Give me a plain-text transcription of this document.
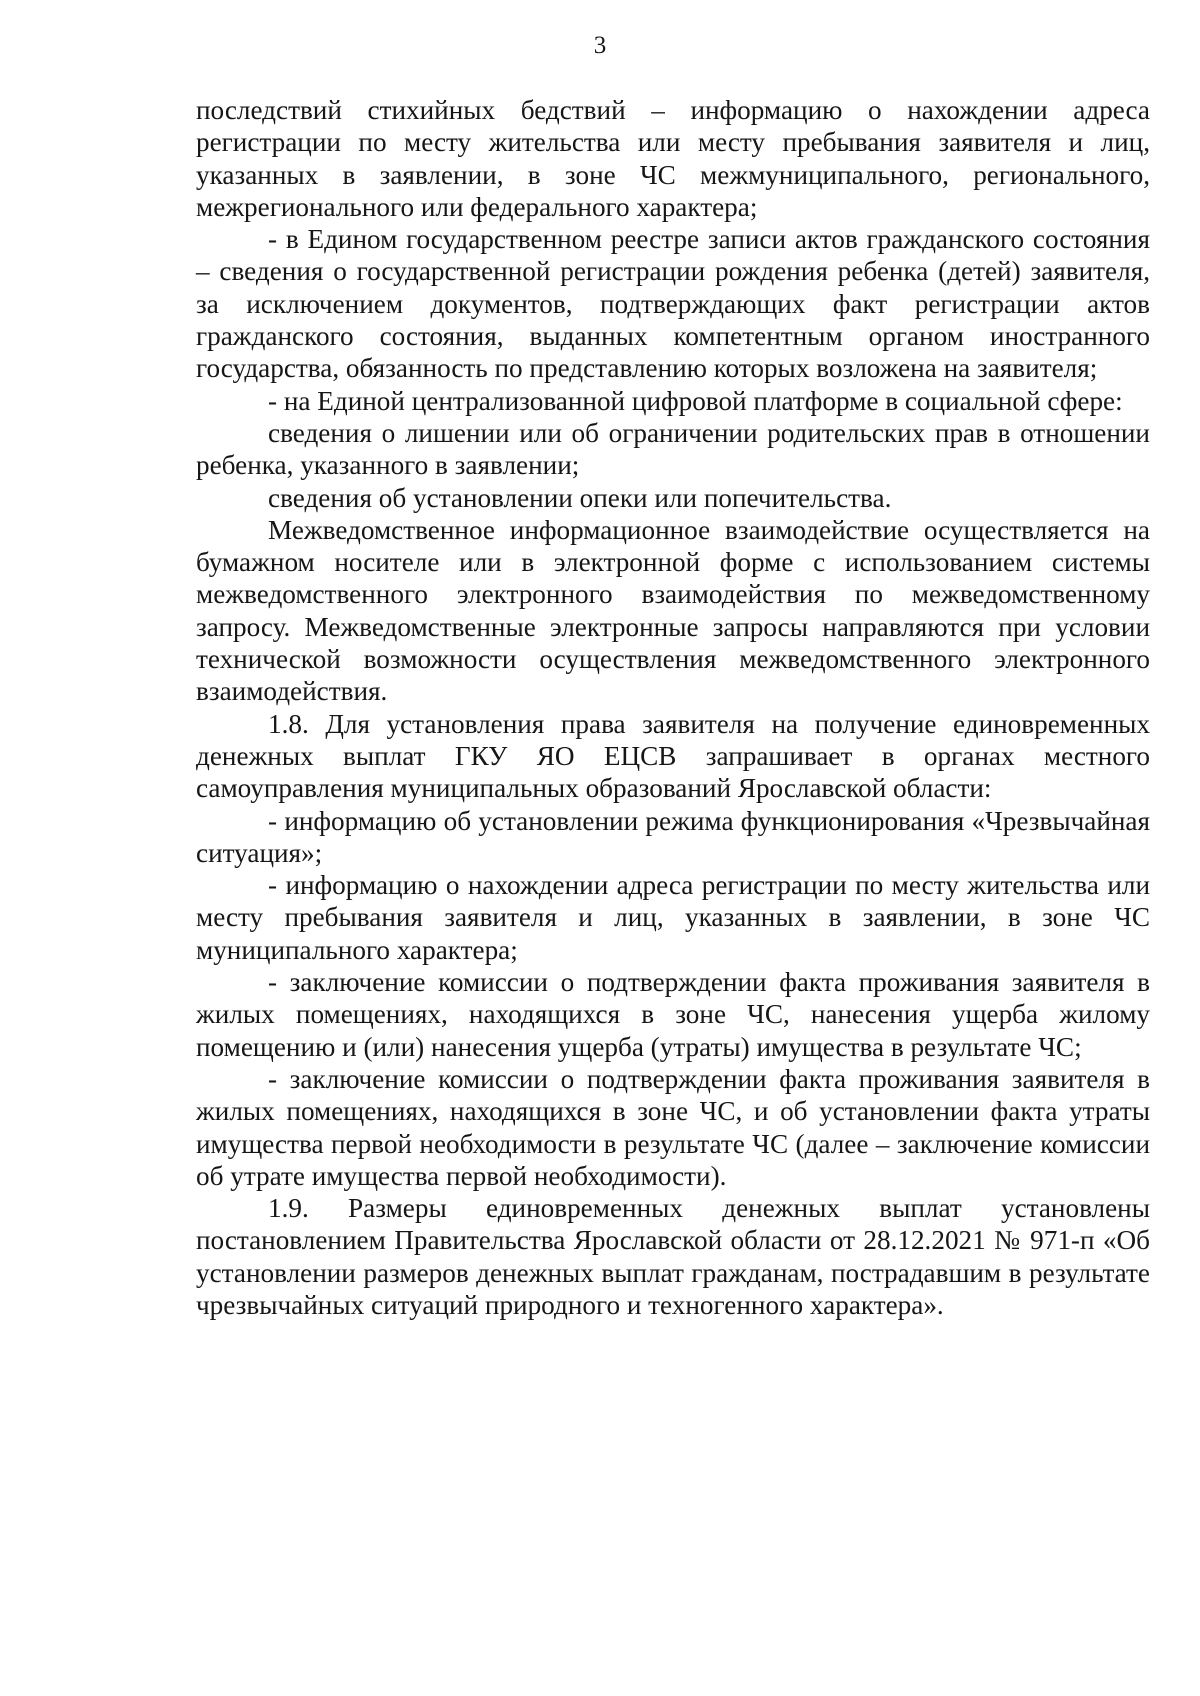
3

последствий стихийных бедствий – информацию о нахождении адреса регистрации по месту жительства или месту пребывания заявителя и лиц, указанных в заявлении, в зоне ЧС межмуниципального, регионального, межрегионального или федерального характера;

- в Едином государственном реестре записи актов гражданского состояния – сведения о государственной регистрации рождения ребенка (детей) заявителя, за исключением документов, подтверждающих факт регистрации актов гражданского состояния, выданных компетентным органом иностранного государства, обязанность по представлению которых возложена на заявителя;

- на Единой централизованной цифровой платформе в социальной сфере:

сведения о лишении или об ограничении родительских прав в отношении ребенка, указанного в заявлении;

сведения об установлении опеки или попечительства.

Межведомственное информационное взаимодействие осуществляется на бумажном носителе или в электронной форме с использованием системы межведомственного электронного взаимодействия по межведомственному запросу. Межведомственные электронные запросы направляются при условии технической возможности осуществления межведомственного электронного взаимодействия.

1.8. Для установления права заявителя на получение единовременных денежных выплат ГКУ ЯО ЕЦСВ запрашивает в органах местного самоуправления муниципальных образований Ярославской области:

- информацию об установлении режима функционирования «Чрезвычайная ситуация»;

- информацию о нахождении адреса регистрации по месту жительства или месту пребывания заявителя и лиц, указанных в заявлении, в зоне ЧС муниципального характера;

- заключение комиссии о подтверждении факта проживания заявителя в жилых помещениях, находящихся в зоне ЧС, нанесения ущерба жилому помещению и (или) нанесения ущерба (утраты) имущества в результате ЧС;

- заключение комиссии о подтверждении факта проживания заявителя в жилых помещениях, находящихся в зоне ЧС, и об установлении факта утраты имущества первой необходимости в результате ЧС (далее – заключение комиссии об утрате имущества первой необходимости).

1.9. Размеры единовременных денежных выплат установлены постановлением Правительства Ярославской области от 28.12.2021 № 971-п «Об установлении размеров денежных выплат гражданам, пострадавшим в результате чрезвычайных ситуаций природного и техногенного характера».
